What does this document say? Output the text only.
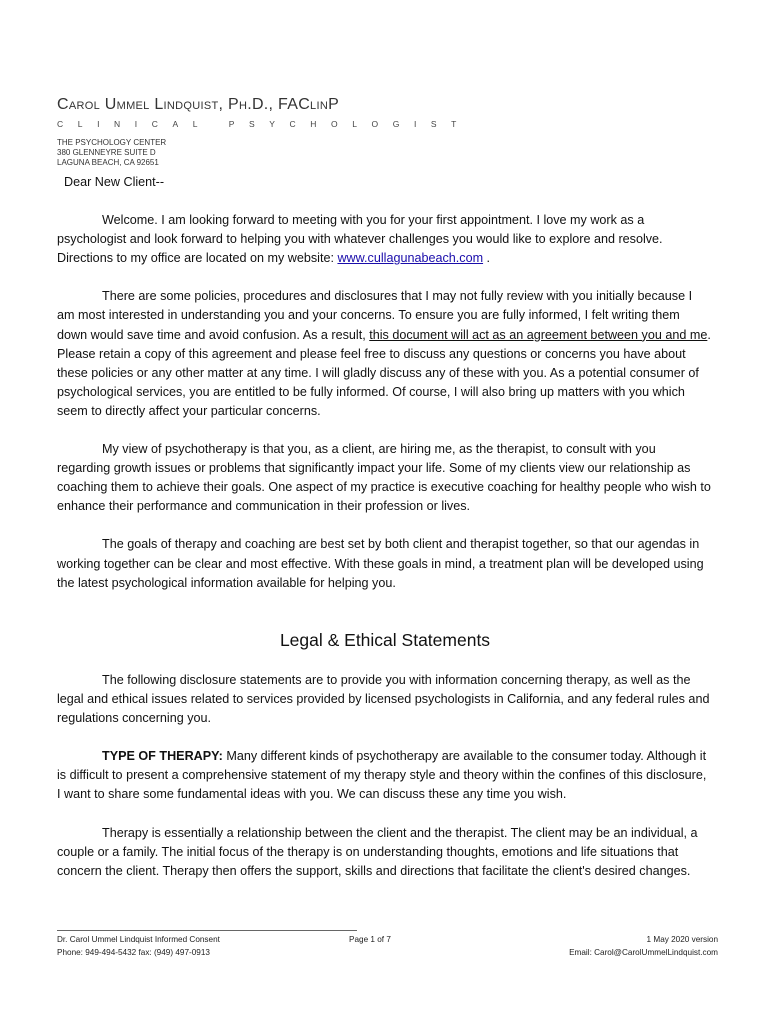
Carol Ummel Lindquist, Ph.D., FAClinP
CLINICAL PSYCHOLOGIST
THE PSYCHOLOGY CENTER
380 GLENNEYRE SUITE D
LAGUNA BEACH, CA 92651

Dear New Client--

Welcome. I am looking forward to meeting with you for your first appointment. I love my work as a psychologist and look forward to helping you with whatever challenges you would like to explore and resolve. Directions to my office are located on my website: www.cullagunabeach.com .

There are some policies, procedures and disclosures that I may not fully review with you initially because I am most interested in understanding you and your concerns. To ensure you are fully informed, I felt writing them down would save time and avoid confusion. As a result, this document will act as an agreement between you and me. Please retain a copy of this agreement and please feel free to discuss any questions or concerns you have about these policies or any other matter at any time. I will gladly discuss any of these with you. As a potential consumer of psychological services, you are entitled to be fully informed. Of course, I will also bring up matters with you which seem to directly affect your particular concerns.

My view of psychotherapy is that you, as a client, are hiring me, as the therapist, to consult with you regarding growth issues or problems that significantly impact your life. Some of my clients view our relationship as coaching them to achieve their goals. One aspect of my practice is executive coaching for healthy people who wish to enhance their performance and communication in their profession or lives.

The goals of therapy and coaching are best set by both client and therapist together, so that our agendas in working together can be clear and most effective. With these goals in mind, a treatment plan will be developed using the latest psychological information available for helping you.

Legal & Ethical Statements

The following disclosure statements are to provide you with information concerning therapy, as well as the legal and ethical issues related to services provided by licensed psychologists in California, and any federal rules and regulations concerning you.

TYPE OF THERAPY: Many different kinds of psychotherapy are available to the consumer today. Although it is difficult to present a comprehensive statement of my therapy style and theory within the confines of this disclosure, I want to share some fundamental ideas with you. We can discuss these any time you wish.

Therapy is essentially a relationship between the client and the therapist. The client may be an individual, a couple or a family. The initial focus of the therapy is on understanding thoughts, emotions and life situations that concern the client. Therapy then offers the support, skills and directions that facilitate the client's desired changes.

Dr. Carol Ummel Lindquist Informed Consent
Phone: 949-494-5432 fax: (949) 497-0913
Page 1 of 7	1 May 2020 version
Email: Carol@CarolUmmelLindquist.com
